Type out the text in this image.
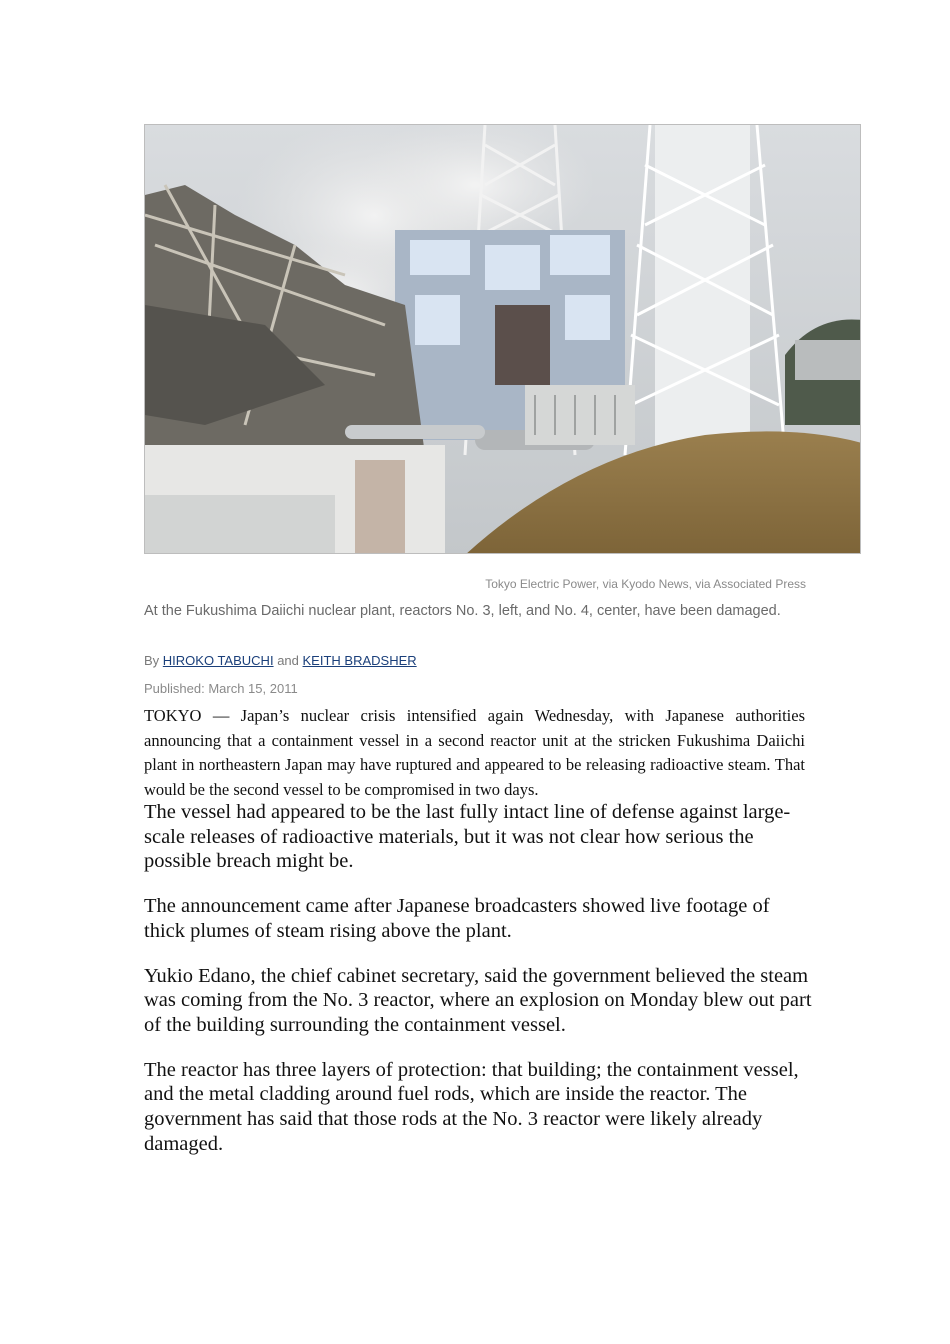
Tokyo Electric Power, via Kyodo News, via Associated Press
At the Fukushima Daiichi nuclear plant, reactors No. 3, left, and No. 4, center, have been damaged.
By HIROKO TABUCHI and KEITH BRADSHER
Published: March 15, 2011

TOKYO — Japan’s nuclear crisis intensified again Wednesday, with Japanese authorities announcing that a containment vessel in a second reactor unit at the stricken Fukushima Daiichi plant in northeastern Japan may have ruptured and appeared to be releasing radioactive steam. That would be the second vessel to be compromised in two days.

The vessel had appeared to be the last fully intact line of defense against large-scale releases of radioactive materials, but it was not clear how serious the possible breach might be.

The announcement came after Japanese broadcasters showed live footage of thick plumes of steam rising above the plant.

Yukio Edano, the chief cabinet secretary, said the government believed the steam was coming from the No. 3 reactor, where an explosion on Monday blew out part of the building surrounding the containment vessel.

The reactor has three layers of protection: that building; the containment vessel, and the metal cladding around fuel rods, which are inside the reactor. The government has said that those rods at the No. 3 reactor were likely already damaged.
